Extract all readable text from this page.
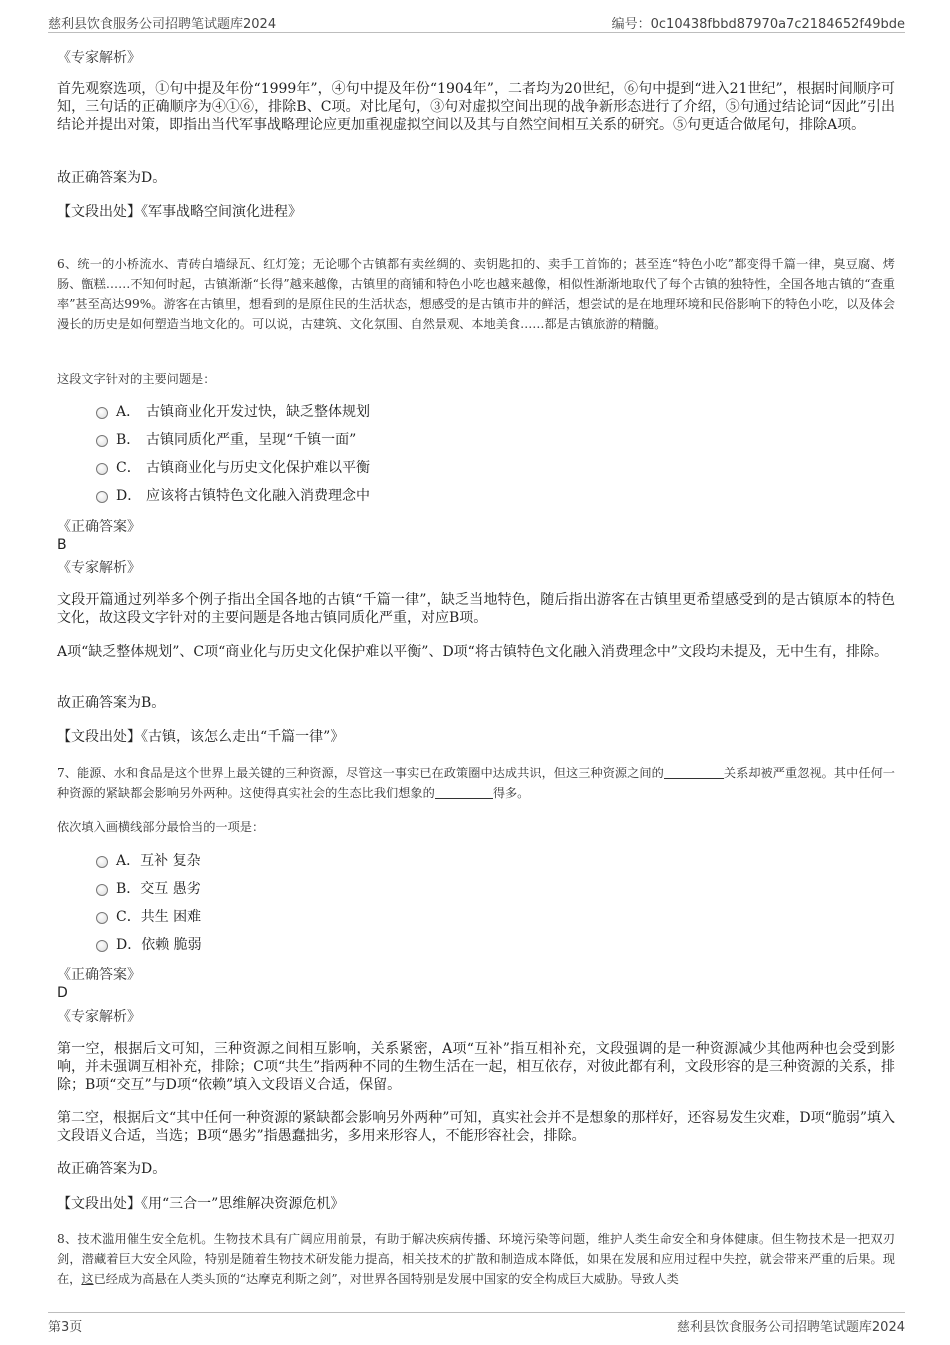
慈利县饮食服务公司招聘笔试题库2024	编号：0c10438fbbd87970a7c2184652f49bde
《专家解析》

首先观察选项，①句中提及年份“1999年”，④句中提及年份“1904年”，二者均为20世纪，⑥句中提到“进入21世纪”，根据时间顺序可知，三句话的正确顺序为④①⑥，排除B、C项。对比尾句，③句对虚拟空间出现的战争新形态进行了介绍，⑤句通过结论词“因此”引出结论并提出对策，即指出当代军事战略理论应更加重视虚拟空间以及其与自然空间相互关系的研究。⑤句更适合做尾句，排除A项。

故正确答案为D。
【文段出处】《军事战略空间演化进程》

6、统一的小桥流水、青砖白墙绿瓦、红灯笼；无论哪个古镇都有卖丝绸的、卖钥匙扣的、卖手工首饰的；甚至连“特色小吃”都变得千篇一律，臭豆腐、烤肠、甑糕……不知何时起，古镇渐渐“长得”越来越像，古镇里的商铺和特色小吃也越来越像，相似性渐渐地取代了每个古镇的独特性，全国各地古镇的“查重率”甚至高达99%。游客在古镇里，想看到的是原住民的生活状态，想感受的是古镇市井的鲜活，想尝试的是在地理环境和民俗影响下的特色小吃，以及体会漫长的历史是如何塑造当地文化的。可以说，古建筑、文化氛围、自然景观、本地美食……都是古镇旅游的精髓。

这段文字针对的主要问题是：
A． 古镇商业化开发过快，缺乏整体规划
B． 古镇同质化严重，呈现“千镇一面”
C． 古镇商业化与历史文化保护难以平衡
D． 应该将古镇特色文化融入消费理念中
《正确答案》
B
《专家解析》

文段开篇通过列举多个例子指出全国各地的古镇“千篇一律”，缺乏当地特色，随后指出游客在古镇里更希望感受到的是古镇原本的特色文化，故这段文字针对的主要问题是各地古镇同质化严重，对应B项。

A项“缺乏整体规划”、C项“商业化与历史文化保护难以平衡”、D项“将古镇特色文化融入消费理念中”文段均未提及，无中生有，排除。

故正确答案为B。
【文段出处】《古镇，该怎么走出“千篇一律”》

7、能源、水和食品是这个世界上最关键的三种资源，尽管这一事实已在政策圈中达成共识，但这三种资源之间的	关系却被严重忽视。其中任何一种资源的紧缺都会影响另外两种。这使得真实社会的生态比我们想象的	得多。

依次填入画横线部分最恰当的一项是：
A．互补 复杂
B．交互 愚劣
C．共生 困难
D．依赖 脆弱
《正确答案》
D
《专家解析》

第一空，根据后文可知，三种资源之间相互影响，关系紧密，A项“互补”指互相补充，文段强调的是一种资源减少其他两种也会受到影响，并未强调互相补充，排除；C项“共生”指两种不同的生物生活在一起，相互依存，对彼此都有利，文段形容的是三种资源的关系，排除；B项“交互”与D项“依赖”填入文段语义合适，保留。

第二空，根据后文“其中任何一种资源的紧缺都会影响另外两种”可知，真实社会并不是想象的那样好，还容易发生灾难，D项“脆弱”填入文段语义合适，当选；B项“愚劣”指愚蠢拙劣，多用来形容人，不能形容社会，排除。

故正确答案为D。
【文段出处】《用“三合一”思维解决资源危机》

8、技术滥用催生安全危机。生物技术具有广阔应用前景，有助于解决疾病传播、环境污染等问题，维护人类生命安全和身体健康。但生物技术是一把双刃剑，潜藏着巨大安全风险，特别是随着生物技术研发能力提高，相关技术的扩散和制造成本降低，如果在发展和应用过程中失控，就会带来严重的后果。现在，这已经成为高悬在人类头顶的“达摩克利斯之剑”，对世界各国特别是发展中国家的安全构成巨大威胁。导致人类

第3页	慈利县饮食服务公司招聘笔试题库2024
